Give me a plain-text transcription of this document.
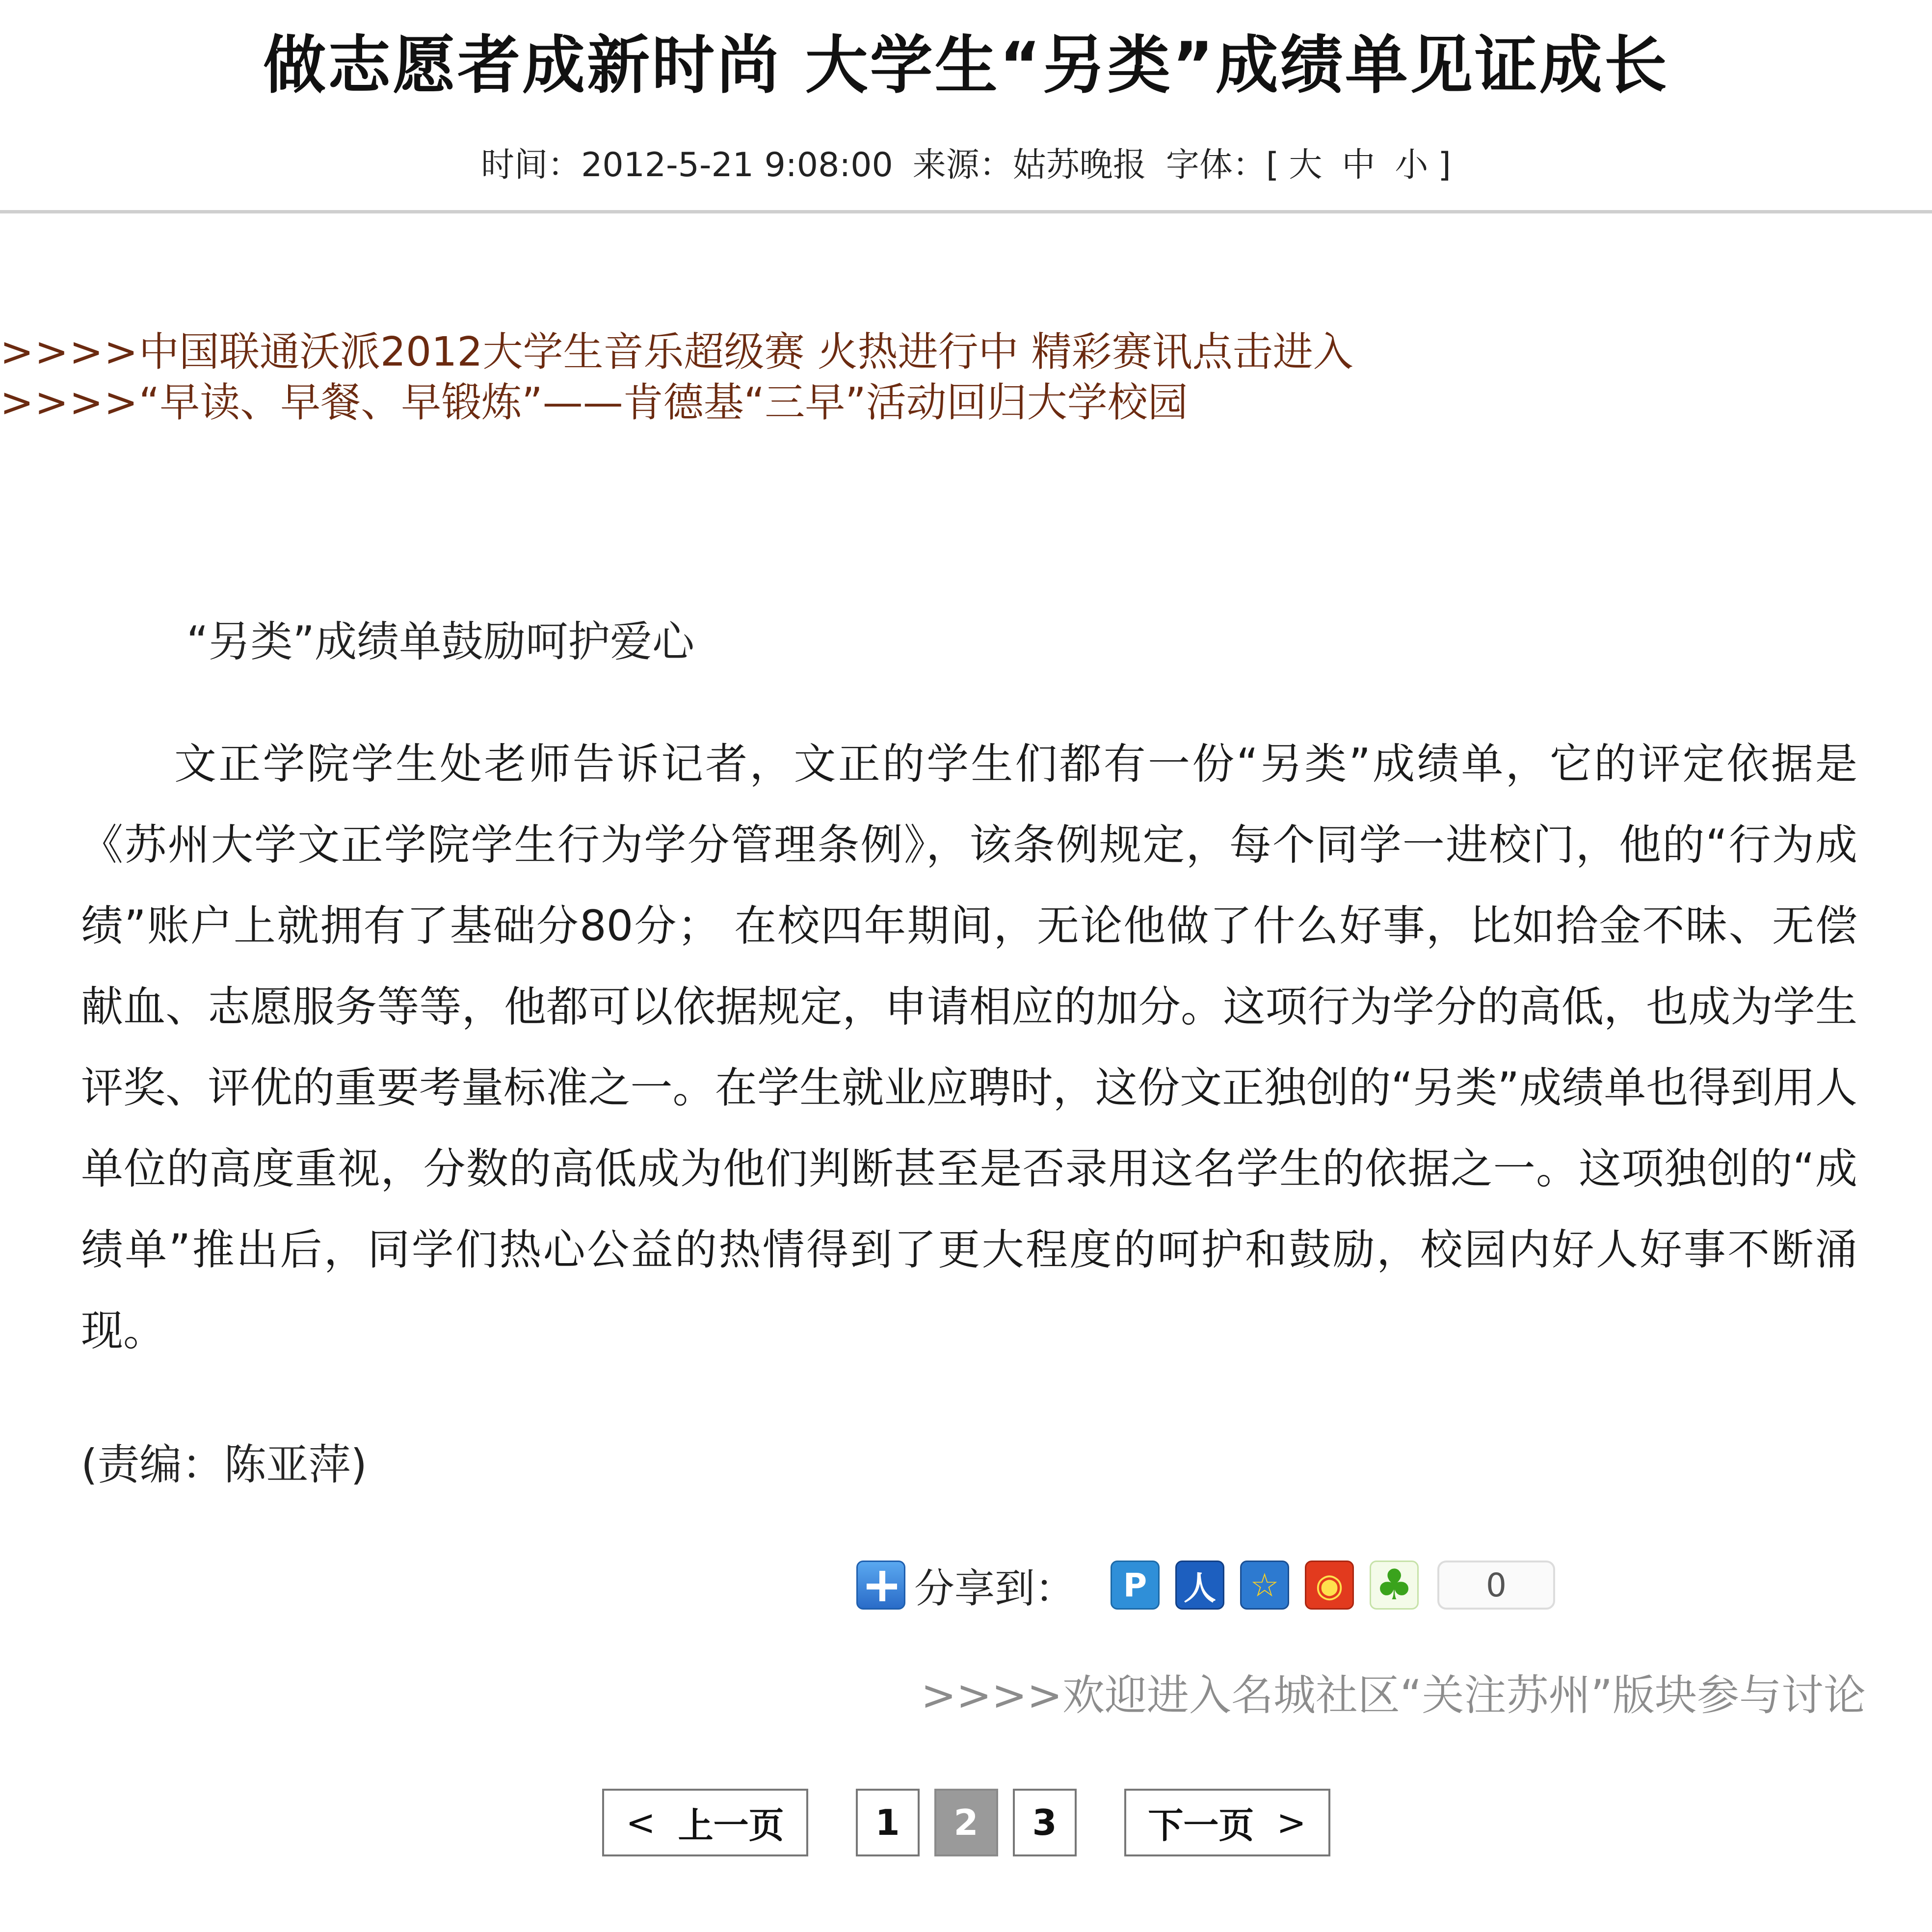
做志愿者成新时尚 大学生“另类”成绩单见证成长
时间：2012-5-21 9:08:00 来源：姑苏晚报 字体：[ 大 中 小 ]
>>>>中国联通沃派2012大学生音乐超级赛 火热进行中 精彩赛讯点击进入
>>>>“早读、早餐、早锻炼”——肯德基“三早”活动回归大学校园
“另类”成绩单鼓励呵护爱心

文正学院学生处老师告诉记者，文正的学生们都有一份“另类”成绩单，它的评定依据是《苏州大学文正学院学生行为学分管理条例》，该条例规定，每个同学一进校门，他的“行为成绩”账户上就拥有了基础分80分； 在校四年期间，无论他做了什么好事，比如拾金不昧、无偿献血、志愿服务等等，他都可以依据规定，申请相应的加分。这项行为学分的高低，也成为学生评奖、评优的重要考量标准之一。在学生就业应聘时，这份文正独创的“另类”成绩单也得到用人单位的高度重视，分数的高低成为他们判断甚至是否录用这名学生的依据之一。这项独创的“成绩单”推出后，同学们热心公益的热情得到了更大程度的呵护和鼓励，校园内好人好事不断涌现。

(责编：陈亚萍)
分享到：	P	人	☆	◉ ♣	0
>>>>欢迎进入名城社区“关注苏州”版块参与讨论
< 上一页	1	2	3	下一页 >
